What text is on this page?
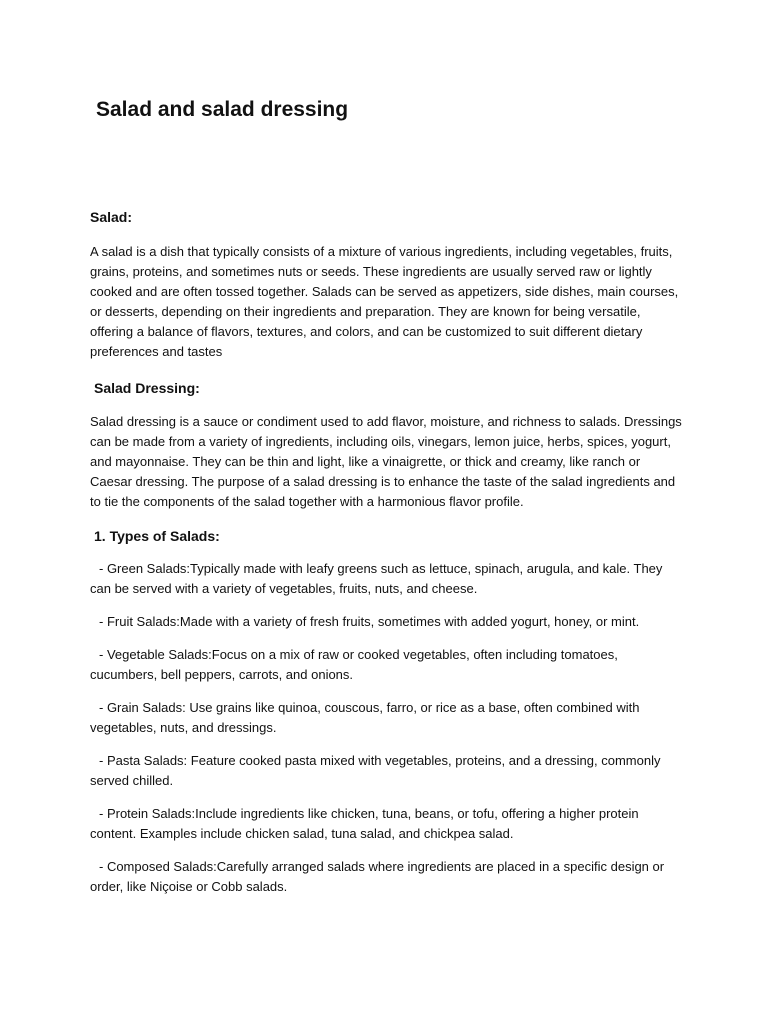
Salad and salad dressing
Salad:

A salad is a dish that typically consists of a mixture of various ingredients, including vegetables, fruits, grains, proteins, and sometimes nuts or seeds. These ingredients are usually served raw or lightly cooked and are often tossed together. Salads can be served as appetizers, side dishes, main courses, or desserts, depending on their ingredients and preparation. They are known for being versatile, offering a balance of flavors, textures, and colors, and can be customized to suit different dietary preferences and tastes

Salad Dressing:

Salad dressing is a sauce or condiment used to add flavor, moisture, and richness to salads. Dressings can be made from a variety of ingredients, including oils, vinegars, lemon juice, herbs, spices, yogurt, and mayonnaise. They can be thin and light, like a vinaigrette, or thick and creamy, like ranch or Caesar dressing. The purpose of a salad dressing is to enhance the taste of the salad ingredients and to tie the components of the salad together with a harmonious flavor profile.

1. Types of Salads:
- Green Salads:Typically made with leafy greens such as lettuce, spinach, arugula, and kale. They can be served with a variety of vegetables, fruits, nuts, and cheese.
- Fruit Salads:Made with a variety of fresh fruits, sometimes with added yogurt, honey, or mint.
- Vegetable Salads:Focus on a mix of raw or cooked vegetables, often including tomatoes, cucumbers, bell peppers, carrots, and onions.
- Grain Salads: Use grains like quinoa, couscous, farro, or rice as a base, often combined with vegetables, nuts, and dressings.
- Pasta Salads: Feature cooked pasta mixed with vegetables, proteins, and a dressing, commonly served chilled.
- Protein Salads:Include ingredients like chicken, tuna, beans, or tofu, offering a higher protein content. Examples include chicken salad, tuna salad, and chickpea salad.
- Composed Salads:Carefully arranged salads where ingredients are placed in a specific design or order, like Niçoise or Cobb salads.
